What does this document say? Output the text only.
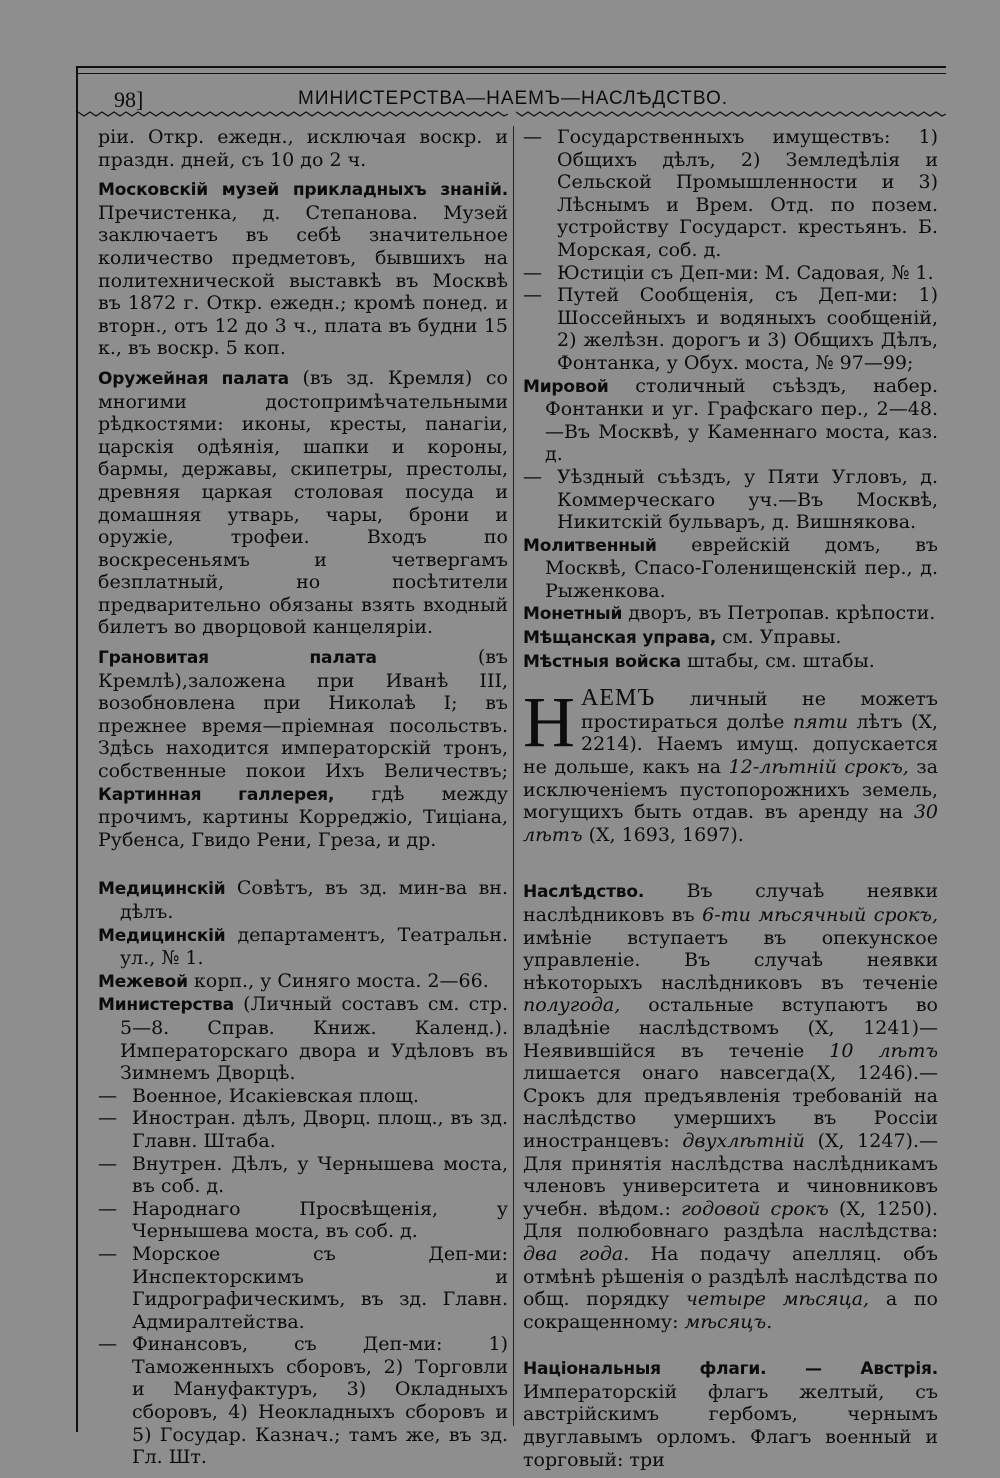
98]	МИНИСТЕРСТВА—НАЕМЪ—НАСЛѢДСТВО.

ріи. Откр. ежедн., исключая воскр. и праздн. дней, съ 10 до 2 ч.

Московскій музей прикладныхъ знаній. Пречистенка, д. Степанова. Музей заключаетъ въ себѣ значительное количество предметовъ, бывшихъ на политехнической выставкѣ въ Москвѣ въ 1872 г. Откр. ежедн.; кромѣ понед. и вторн., отъ 12 до 3 ч., плата въ будни 15 к., въ воскр. 5 коп.

Оружейная палата (въ зд. Кремля) со многими достопримѣчательными рѣдкостями: иконы, кресты, панагіи, царскія одѣянія, шапки и короны, бармы, державы, скипетры, престолы, древняя царкая столовая посуда и домашняя утварь, чары, брони и оружіе, трофеи. Входъ по воскресеньямъ и четвергамъ безплатный, но посѣтители предварительно обязаны взять входный билетъ во дворцовой канцеляріи.

Грановитая палата	(въ Кремлѣ),заложена при Иванѣ III, возобновлена при Николаѣ I; въ прежнее время—пріемная посольствъ. Здѣсь находится императорскій тронъ, собственные покои Ихъ Величествъ; Картинная галлерея, гдѣ между прочимъ, картины Корреджіо, Тиціана, Рубенса, Гвидо Рени, Греза, и др.

Медицинскій Совѣтъ, въ зд. мин-ва вн. дѣлъ.

Медицинскій департаментъ, Театральн. ул., № 1.

Межевой корп., у Синяго моста. 2—66.

Министерства (Личный составъ см. стр. 5—8. Справ. Книж. Календ.). Императорскаго двора и Удѣловъ въ Зимнемъ Дворцѣ.

— Военное, Исакіевская площ.

— Иностран. дѣлъ, Дворц. площ., въ зд. Главн. Штаба.

— Внутрен. Дѣлъ, у Чернышева моста, въ соб. д.

— Народнаго Просвѣщенія, у Чернышева моста, въ соб. д.

— Морское съ Деп-ми: Инспекторскимъ и Гидрографическимъ, въ зд. Главн. Адмиралтейства.

— Финансовъ, съ Деп-ми: 1) Таможенныхъ сборовъ, 2) Торговли и Мануфактуръ, 3) Окладныхъ сборовъ, 4) Неокладныхъ сборовъ и 5) Государ. Казнач.; тамъ же, въ зд. Гл. Шт.

— Государственныхъ имуществъ: 1) Общихъ дѣлъ, 2) Земледѣлія и Сельской Промышленности и 3) Лѣснымъ и Врем. Отд. по позем. устройству Государст. крестьянъ. Б. Морская, соб. д.

— Юстиціи съ Деп-ми: М. Садовая, № 1.

— Путей Сообщенія, съ Деп-ми: 1) Шоссейныхъ и водяныхъ сообщеній, 2) желѣзн. дорогъ и 3) Общихъ Дѣлъ, Фонтанка, у Обух. моста, № 97—99;

Мировой столичный съѣздъ, набер. Фонтанки и уг. Графскаго пер., 2—48.—Въ Москвѣ, у Каменнаго моста, каз. д.

— Уѣздный съѣздъ, у Пяти Угловъ, д. Коммерческаго уч.—Въ Москвѣ, Никитскій бульваръ, д. Вишнякова.

Молитвенный еврейскій домъ, въ Москвѣ, Спасо-Голенищенскій пер., д. Рыженкова.

Монетный дворъ, въ Петропав. крѣпости.

Мѣщанская управа, см. Управы.

Мѣстныя войска штабы, см. штабы.

Н АЕМЪ личный не можетъ простираться долѣе пяти лѣтъ (X, 2214). Наемъ имущ. допускается не дольше, какъ на 12-лѣтній срокъ, за исключеніемъ пустопорожнихъ земель, могущихъ быть отдав. въ аренду на 30 лѣтъ (X, 1693, 1697).

Наслѣдство. Въ случаѣ неявки наслѣдниковъ въ 6-ти мѣсячный срокъ, имѣніе вступаетъ въ опекунское управленіе. Въ случаѣ неявки нѣкоторыхъ наслѣдниковъ въ теченіе полугода, остальные вступаютъ во владѣніе наслѣдствомъ (X, 1241)—Неявившійся въ теченіе 10 лѣтъ лишается онаго навсегда(X, 1246).—Срокъ для предъявленія требованій на наслѣдство умершихъ въ Россіи иностранцевъ: двухлѣтній (X, 1247).—Для принятія наслѣдства наслѣдникамъ членовъ университета и чиновниковъ учебн. вѣдом.: годовой срокъ (X, 1250). Для полюбовнаго раздѣла наслѣдства: два года. На подачу апелляц. объ отмѣнѣ рѣшенія о раздѣлѣ наслѣдства по общ. порядку четыре мѣсяца, а по сокращенному: мѣсяцъ.

Національныя флаги. — Австрія. Императорскій флагъ желтый, съ австрійскимъ гербомъ, чернымъ двуглавымъ орломъ. Флагъ военный и торговый: три
